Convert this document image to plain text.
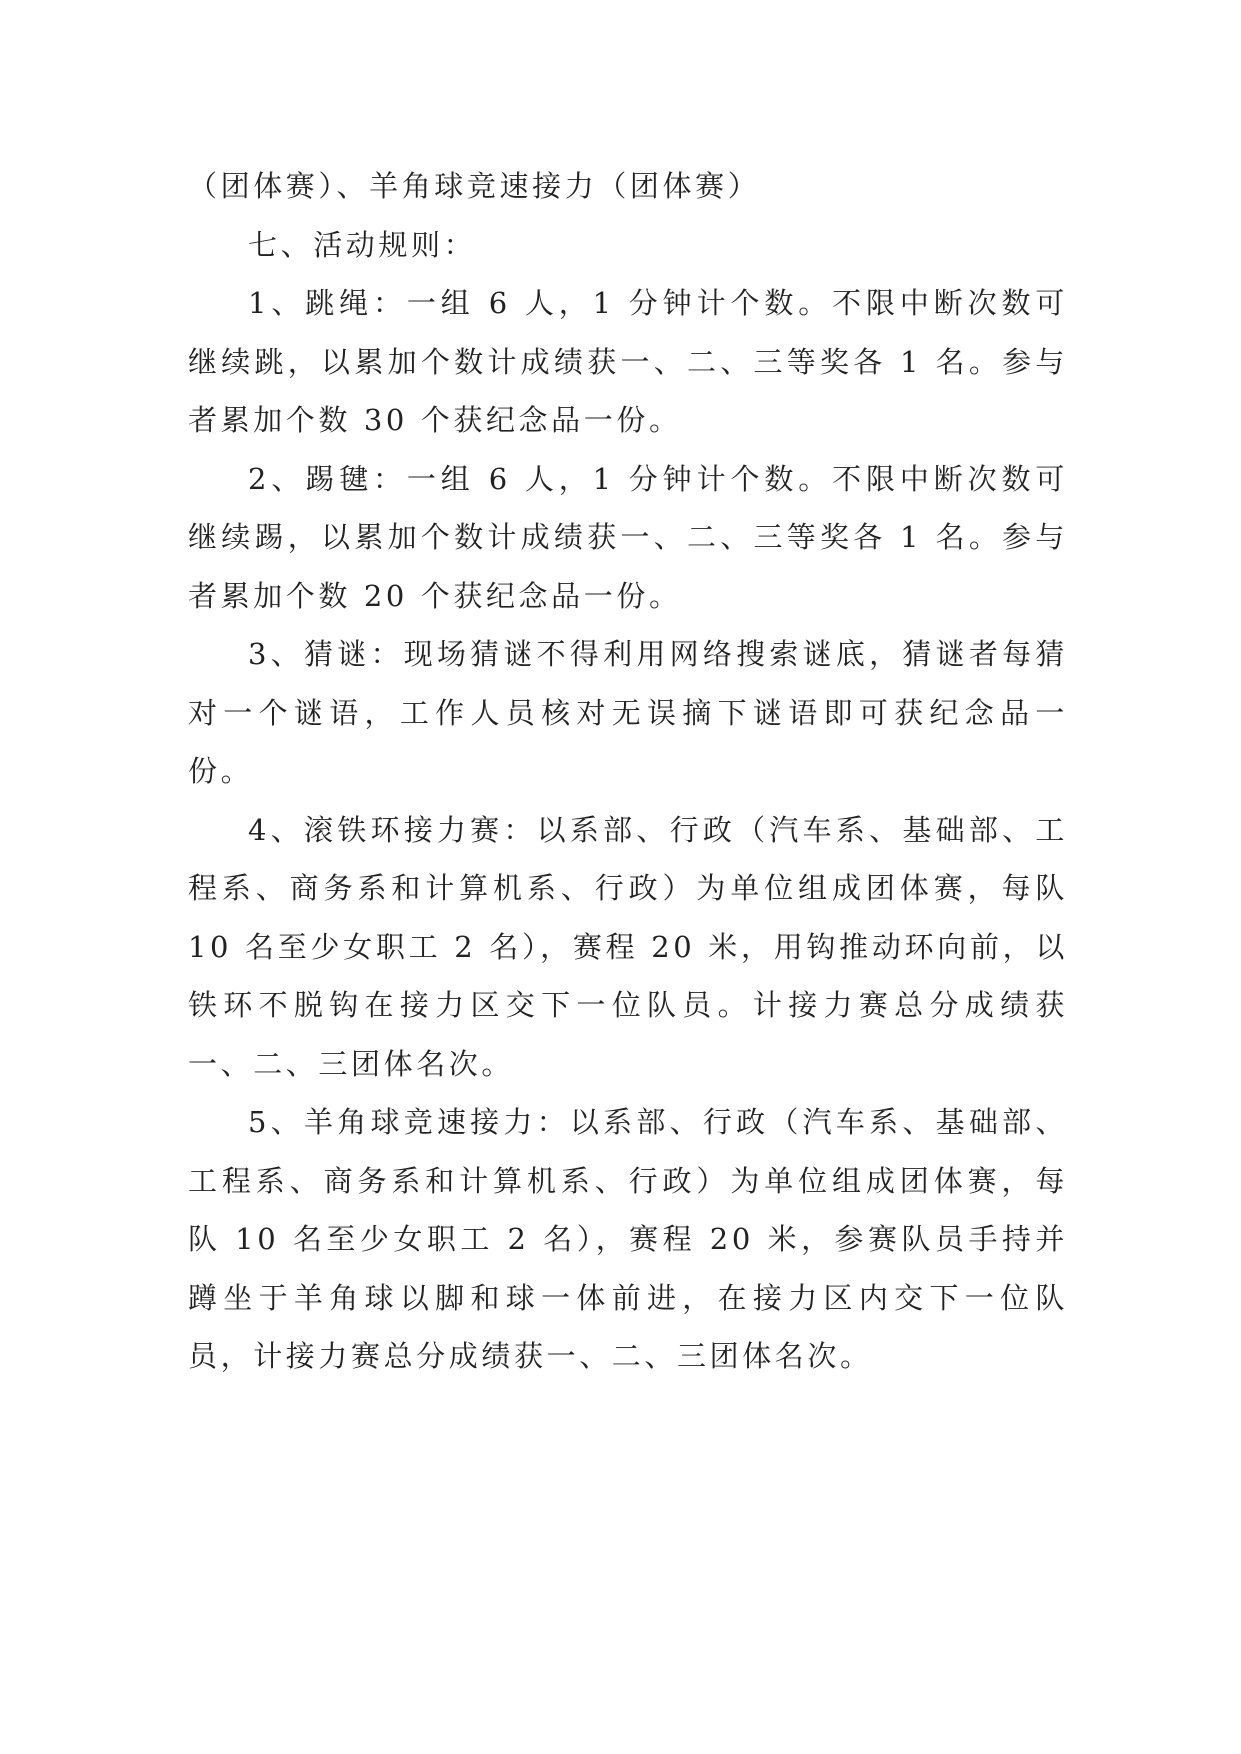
（团体赛）、羊角球竞速接力（团体赛）

七、活动规则：

1、跳绳：一组 6 人，1 分钟计个数。不限中断次数可继续跳，以累加个数计成绩获一、二、三等奖各 1 名。参与者累加个数 30 个获纪念品一份。

2、踢毽：一组 6 人，1 分钟计个数。不限中断次数可继续踢，以累加个数计成绩获一、二、三等奖各 1 名。参与者累加个数 20 个获纪念品一份。

3、猜谜：现场猜谜不得利用网络搜索谜底，猜谜者每猜对一个谜语，工作人员核对无误摘下谜语即可获纪念品一份。

4、滚铁环接力赛：以系部、行政（汽车系、基础部、工程系、商务系和计算机系、行政）为单位组成团体赛，每队 10 名至少女职工 2 名），赛程 20 米，用钩推动环向前，以铁环不脱钩在接力区交下一位队员。计接力赛总分成绩获一、二、三团体名次。

5、羊角球竞速接力：以系部、行政（汽车系、基础部、工程系、商务系和计算机系、行政）为单位组成团体赛，每队 10 名至少女职工 2 名），赛程 20 米，参赛队员手持并蹲坐于羊角球以脚和球一体前进，在接力区内交下一位队员，计接力赛总分成绩获一、二、三团体名次。
